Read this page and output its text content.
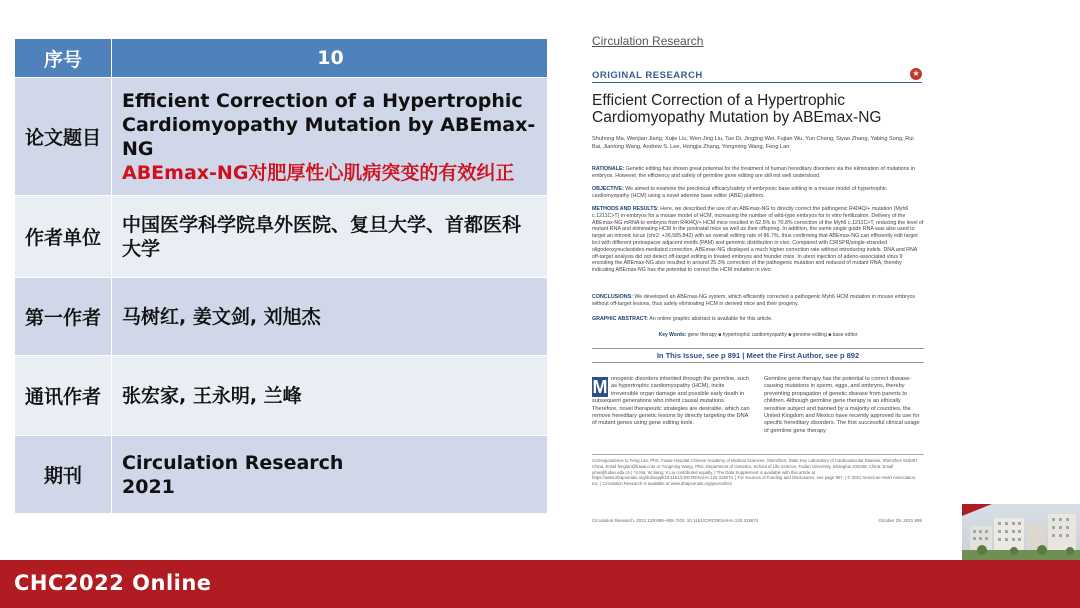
序号	10
论文题目	Efficient Correction of a Hypertrophic Cardiomyopathy Mutation by ABEmax-NG
ABEmax-NG对肥厚性心肌病突变的有效纠正

作者单位	中国医学科学院阜外医院、复旦大学、首都医科大学
第一作者	马树红, 姜文剑, 刘旭杰
通讯作者	张宏家, 王永明, 兰峰
期刊	Circulation Research
2021
Circulation Research
ORIGINAL RESEARCH	★
Efficient Correction of a Hypertrophic Cardiomyopathy Mutation by ABEmax-NG
Shuhong Ma, Wenjian Jiang, Xujie Liu, Wen-Jing Liu, Tao Di, Jingjing Wei, Fujian Wu, Yun Chang, Siyao Zhang, Yabing Song, Rui Bai, Jianlong Wang, Andrew S. Lee, Hongjia Zhang, Yongming Wang, Feng Lan
RATIONALE: Genetic editing has shown great potential for the treatment of human hereditary disorders via the elimination of mutations in embryos. However, the efficiency and safety of germline gene editing are still not well understood.
OBJECTIVE: We aimed to examine the preclinical efficacy/safety of embryonic base editing in a mouse model of hypertrophic cardiomyopathy (HCM) using a novel adenine base editor (ABE) platform.
METHODS AND RESULTS: Here, we described the use of an ABEmax-NG to directly correct the pathogenic R404Q/+ mutation (Myh6 c.1211C>T) in embryos for a mouse model of HCM, increasing the number of wild-type embryos for in vitro fertilization. Delivery of the ABEmax-NG mRNA to embryos from R404Q/+ HCM mice resulted in 62.5% to 70.8% correction of the Myh6 c.1211C>T, reducing the level of mutant RNA and eliminating HCM in the postnatal mice as well as their offspring. In addition, the same single guide RNA was also used to target an intronic locus (chr2: +36,585,842) with an overall editing rate of 86.7%, thus confirming that ABEmax-NG can efficiently edit target loci with different protospacer adjacent motifs (PAM) and genomic distribution in vivo. Compared with CRISPR/single-stranded oligodeoxynucleotides-mediated correction, ABEmax-NG displayed a much higher correction rate without introducing indels. DNA and RNA off-target analysis did not detect off-target editing in treated embryos and founder mice. In utero injection of adeno-associated virus 9 encoding the ABEmax-NG also resulted in around 25.3% correction of the pathogenic mutation and reduced of mutant RNA, thereby indicating ABEmax-NG has the potential to correct the HCM mutation in vivo.
CONCLUSIONS: We developed an ABEmax-NG system, which efficiently corrected a pathogenic Myh6 HCM mutation in mouse embryos without off-target lesions, thus safely eliminating HCM in derived mice and their progeny.
GRAPHIC ABSTRACT: An online graphic abstract is available for this article.
Key Words: gene therapy ■ hypertrophic cardiomyopathy ■ genome editing ■ base editor
In This Issue, see p 891 | Meet the First Author, see p 892
M onogenic disorders inherited through the germline, such as hypertrophic cardiomyopathy (HCM), incite irreversible organ damage and possible early death in subsequent generations who inherit causal mutations. Therefore, novel therapeutic strategies are desirable, which can remove hereditary genetic lesions by directly targeting the DNA of mutant genes using gene editing tools.
Germline gene therapy has the potential to correct disease-causing mutations in sperm, eggs, and embryos, thereby preventing propagation of genetic disease from parents to children. Although germline gene therapy is an ethically sensitive subject and banned by a majority of countries, the United Kingdom and Mexico have recently approved its use for specific hereditary disorders. The first successful clinical usage of germline gene therapy
Correspondence to Feng Lan, PhD, Fuwai Hospital Chinese Academy of Medical Sciences, Shenzhen, State Key Laboratory of Cardiovascular Disease, Shenzhen 518057, China. Email fenglan@fuwai.com or Yongming Wang, PhD, Department of Genetics, School of Life Science, Fudan University, Shanghai 200438, China. Email ymw@fudan.edu.cn | *S.Ma, W.Jiang, X.Liu contributed equally. | The Data Supplement is available with this article at https://www.ahajournals.org/doi/suppl/10.1161/CIRCRESAHA.120.318674. | For Sources of Funding and Disclosures, see page 907. | © 2021 American Heart Association, Inc. | Circulation Research is available at www.ahajournals.org/journal/res
Circulation Research. 2021;129:895–908. DOI: 10.1161/CIRCRESAHA.120.318674	October 29, 2021 895
CHC2022 Online
